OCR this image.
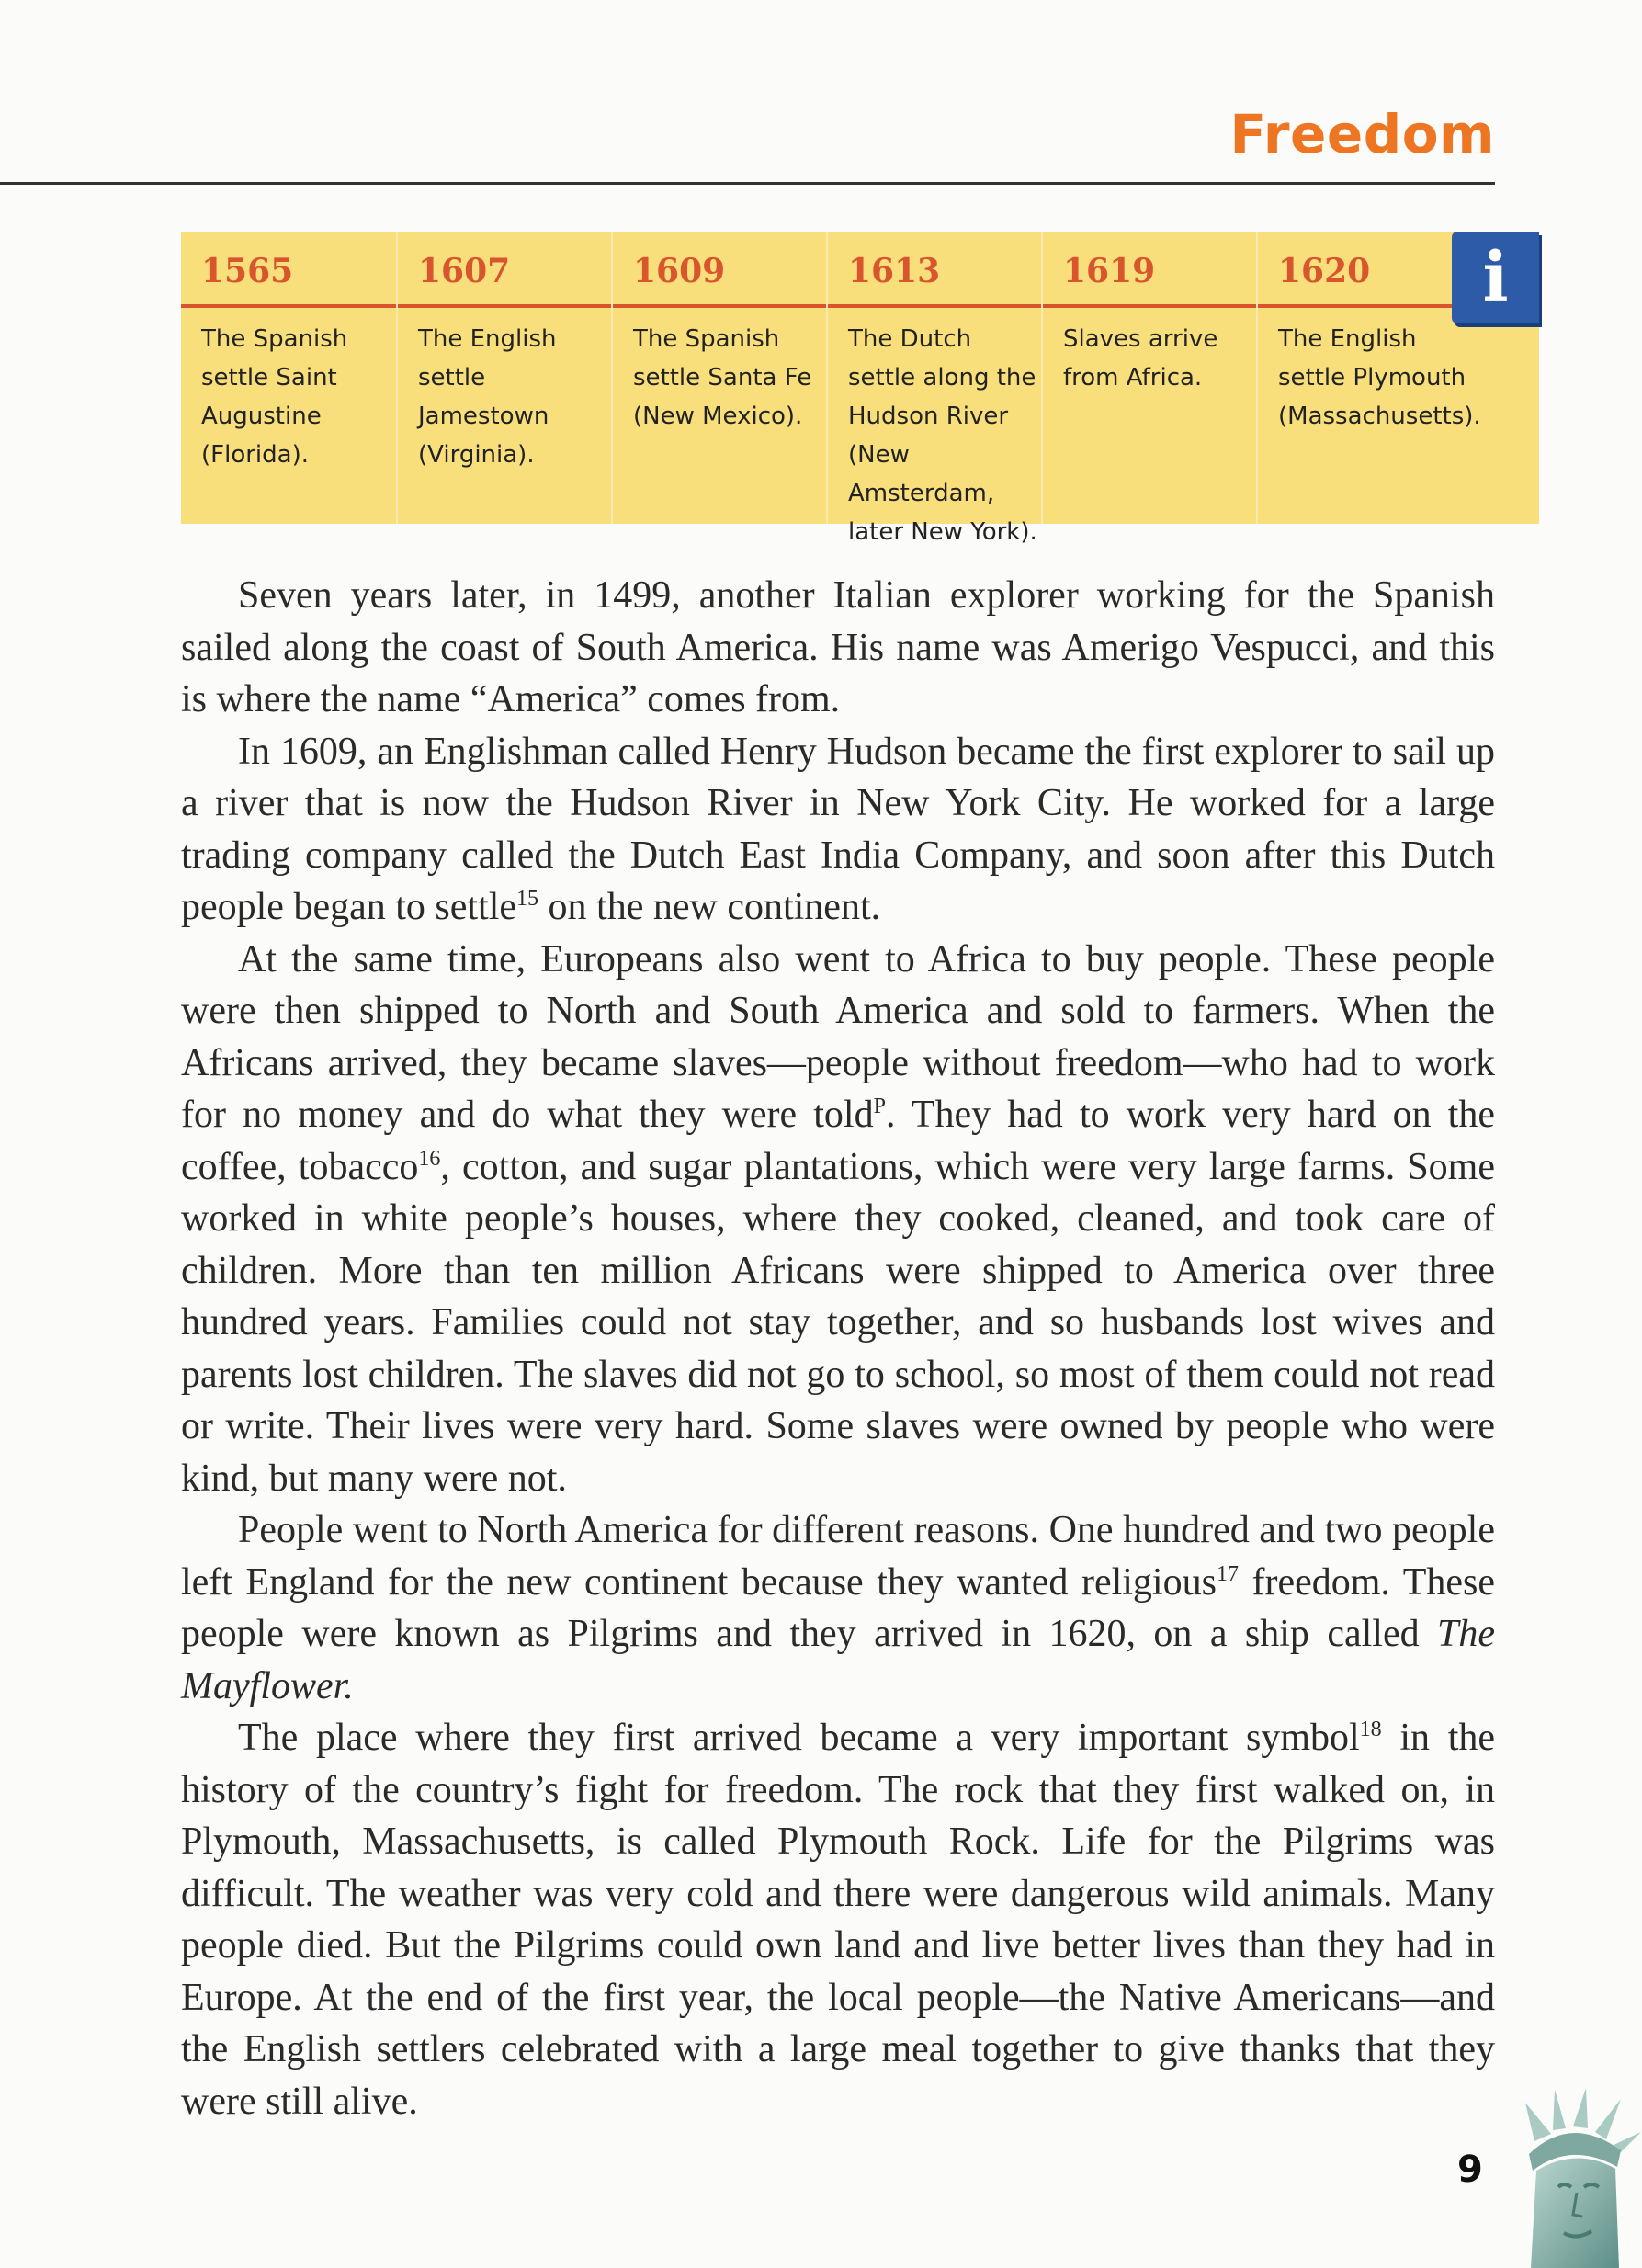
Freedom
1565
The Spanish settle Saint Augustine (Florida).
1607
The English settle Jamestown (Virginia).
1609
The Spanish settle Santa Fe (New Mexico).
1613
The Dutch settle along the Hudson River (New Amsterdam, later New York).
1619
Slaves arrive from Africa.
1620
The English settle Plymouth (Massachusetts).
i

Seven years later, in 1499, another Italian explorer working for the Spanish sailed along the coast of South America. His name was Amerigo Vespucci, and this is where the name “America” comes from.

In 1609, an Englishman called Henry Hudson became the first explorer to sail up a river that is now the Hudson River in New York City. He worked for a large trading company called the Dutch East India Company, and soon after this Dutch people began to settle$^{15}$ on the new continent.

At the same time, Europeans also went to Africa to buy people. These people were then shipped to North and South America and sold to farmers. When the Africans arrived, they became slaves—people without freedom—who had to work for no money and do what they were told$^P$. They had to work very hard on the coffee, tobacco$^{16}$, cotton, and sugar plantations, which were very large farms. Some worked in white people’s houses, where they cooked, cleaned, and took care of children. More than ten million Africans were shipped to America over three hundred years. Families could not stay together, and so husbands lost wives and parents lost children. The slaves did not go to school, so most of them could not read or write. Their lives were very hard. Some slaves were owned by people who were kind, but many were not.

People went to North America for different reasons. One hundred and two people left England for the new continent because they wanted religious$^{17}$ freedom. These people were known as Pilgrims and they arrived in 1620, on a ship called The Mayflower.

The place where they first arrived became a very important symbol$^{18}$ in the history of the country’s fight for freedom. The rock that they first walked on, in Plymouth, Massachusetts, is called Plymouth Rock. Life for the Pilgrims was difficult. The weather was very cold and there were dangerous wild animals. Many people died. But the Pilgrims could own land and live better lives than they had in Europe. At the end of the first year, the local people—the Native Americans—and the English settlers celebrated with a large meal together to give thanks that they were still alive.

9
